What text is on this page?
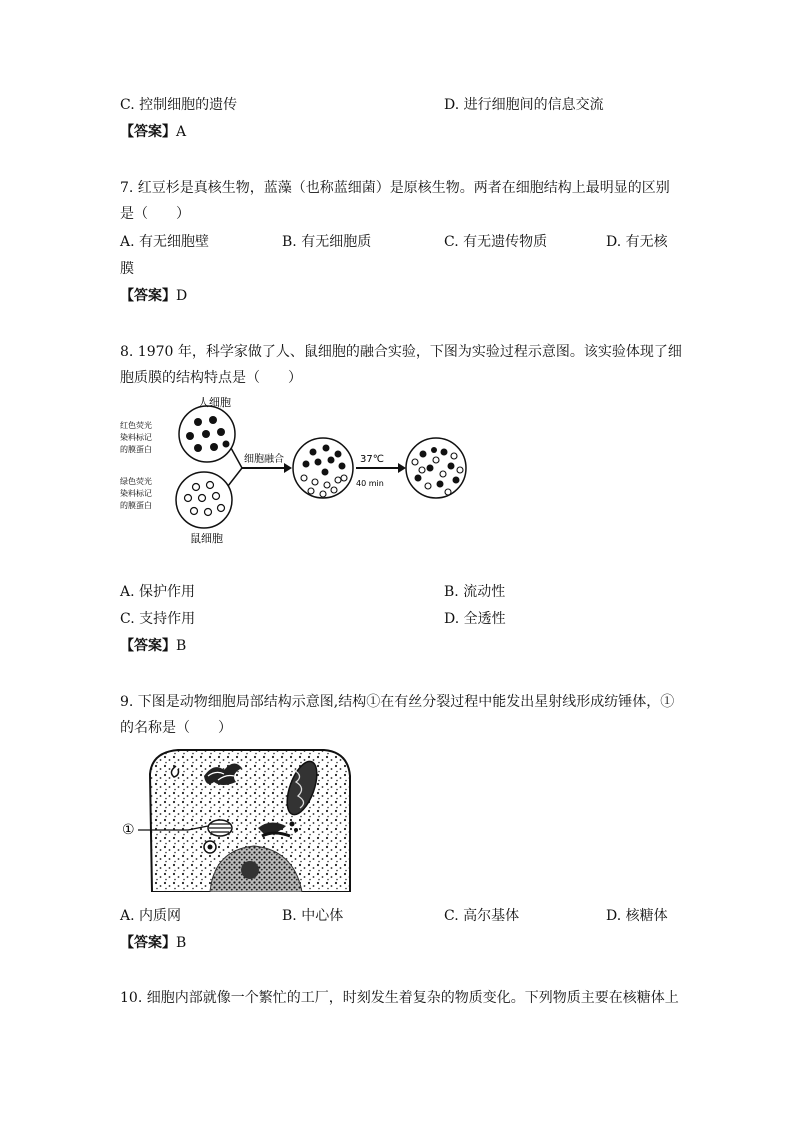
C. 控制细胞的遗传	D. 进行细胞间的信息交流
【答案】A
7. 红豆杉是真核生物，蓝藻（也称蓝细菌）是原核生物。两者在细胞结构上最明显的区别
是（　　）
A. 有无细胞壁	B. 有无细胞质	C. 有无遗传物质	D. 有无核
膜
【答案】D
8. 1970 年，科学家做了人、鼠细胞的融合实验，下图为实验过程示意图。该实验体现了细
胞质膜的结构特点是（　　）
人细胞
红色荧光
染料标记
的膜蛋白
绿色荧光
染料标记
的膜蛋白
鼠细胞
细胞融合	37℃
40 min
A. 保护作用	B. 流动性
C. 支持作用	D. 全透性
【答案】B
9. 下图是动物细胞局部结构示意图,结构①在有丝分裂过程中能发出星射线形成纺锤体，①
的名称是（　　）
①
A. 内质网	B. 中心体	C. 高尔基体	D. 核糖体
【答案】B
10. 细胞内部就像一个繁忙的工厂，时刻发生着复杂的物质变化。下列物质主要在核糖体上
